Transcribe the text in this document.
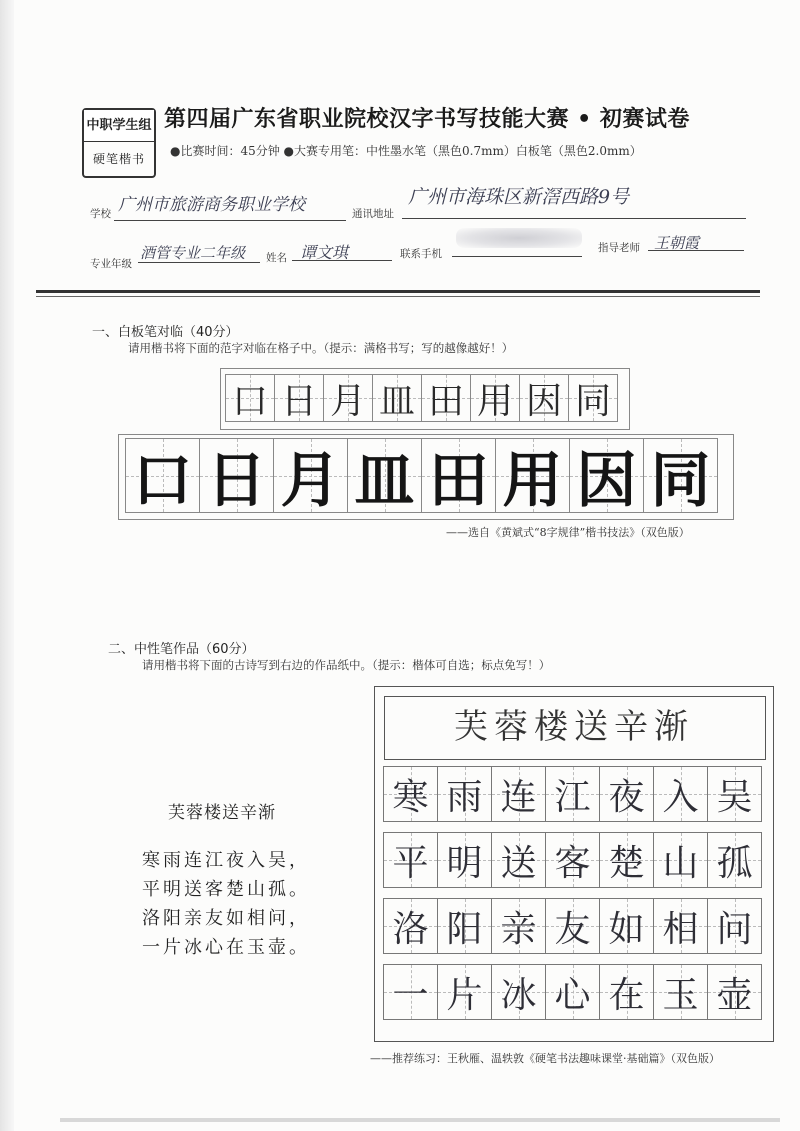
中职学生组
硬笔楷书
第四届广东省职业院校汉字书写技能大赛 • 初赛试卷
●比赛时间：45分钟 ●大赛专用笔：中性墨水笔（黑色0.7mm）白板笔（黑色2.0mm）
学校 广州市旅游商务职业学校	通讯地址
广州市海珠区新滘西路9号
专业年级
酒管专业二年级 姓名 谭文琪	联系手机	指导老师 王朝霞
一、白板笔对临（40分）
请用楷书将下面的范字对临在格子中。（提示：满格书写；写的越像越好！）
口 日 月 皿 田 用 因 同
口 日 月 皿 田 用 因 同
——选自《黄斌式“8字规律”楷书技法》（双色版）
二、中性笔作品（60分）
请用楷书将下面的古诗写到右边的作品纸中。（提示：楷体可自选；标点免写！）
芙蓉楼送辛渐
寒雨连江夜入吴，
平明送客楚山孤。
洛阳亲友如相问，
一片冰心在玉壶。
芙蓉楼送辛渐
寒 雨 连 江 夜 入 吴
平 明 送 客 楚 山 孤
洛 阳 亲 友 如 相 问
一 片 冰 心 在 玉 壶
——推荐练习：王秋雁、温轶敦《硬笔书法趣味课堂·基础篇》（双色版）
